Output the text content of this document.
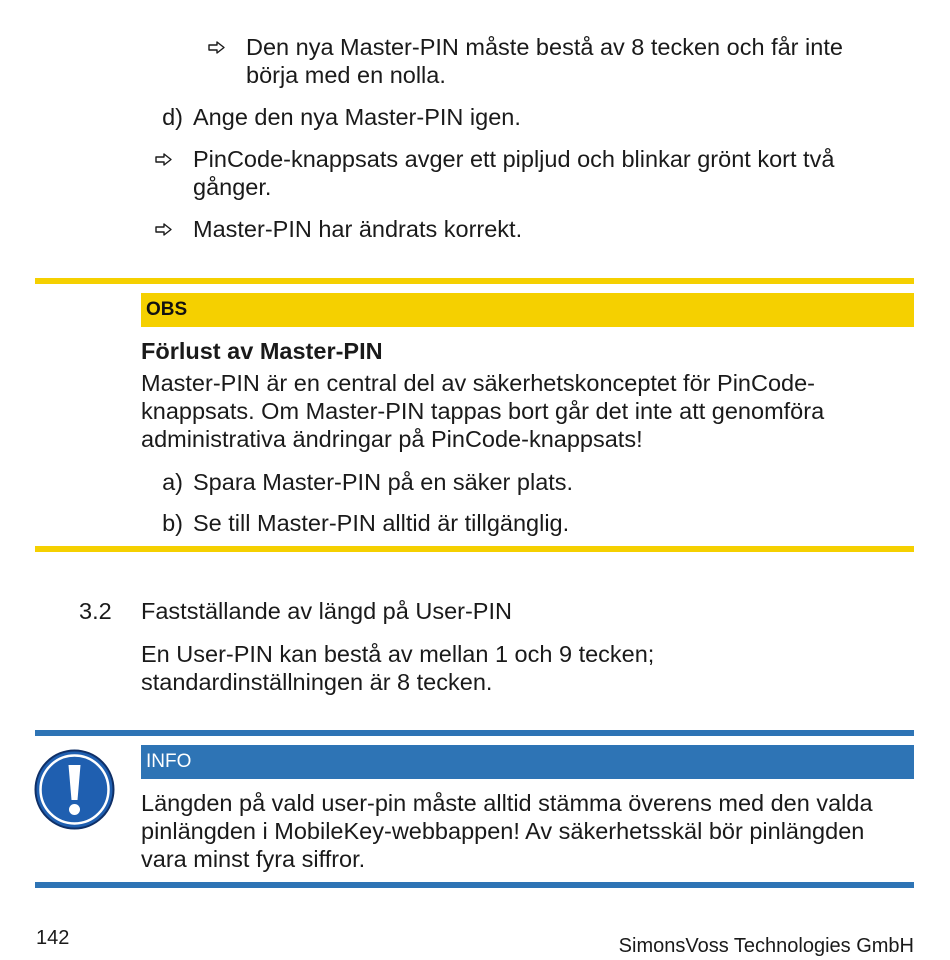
Den nya Master-PIN måste bestå av 8 tecken och får inte
börja med en nolla.
d) Ange den nya Master-PIN igen.
PinCode-knappsats avger ett pipljud och blinkar grönt kort två
gånger.
Master-PIN har ändrats korrekt.
OBS
Förlust av Master-PIN
Master-PIN är en central del av säkerhetskonceptet för PinCode-
knappsats. Om Master-PIN tappas bort går det inte att genomföra
administrativa ändringar på PinCode-knappsats!
a) Spara Master-PIN på en säker plats.
b) Se till Master-PIN alltid är tillgänglig.
3.2 Fastställande av längd på User-PIN
En User-PIN kan bestå av mellan 1 och 9 tecken;
standardinställningen är 8 tecken.
INFO
Längden på vald user-pin måste alltid stämma överens med den valda
pinlängden i MobileKey-webbappen! Av säkerhetsskäl bör pinlängden
vara minst fyra siffror.
142	SimonsVoss Technologies GmbH
